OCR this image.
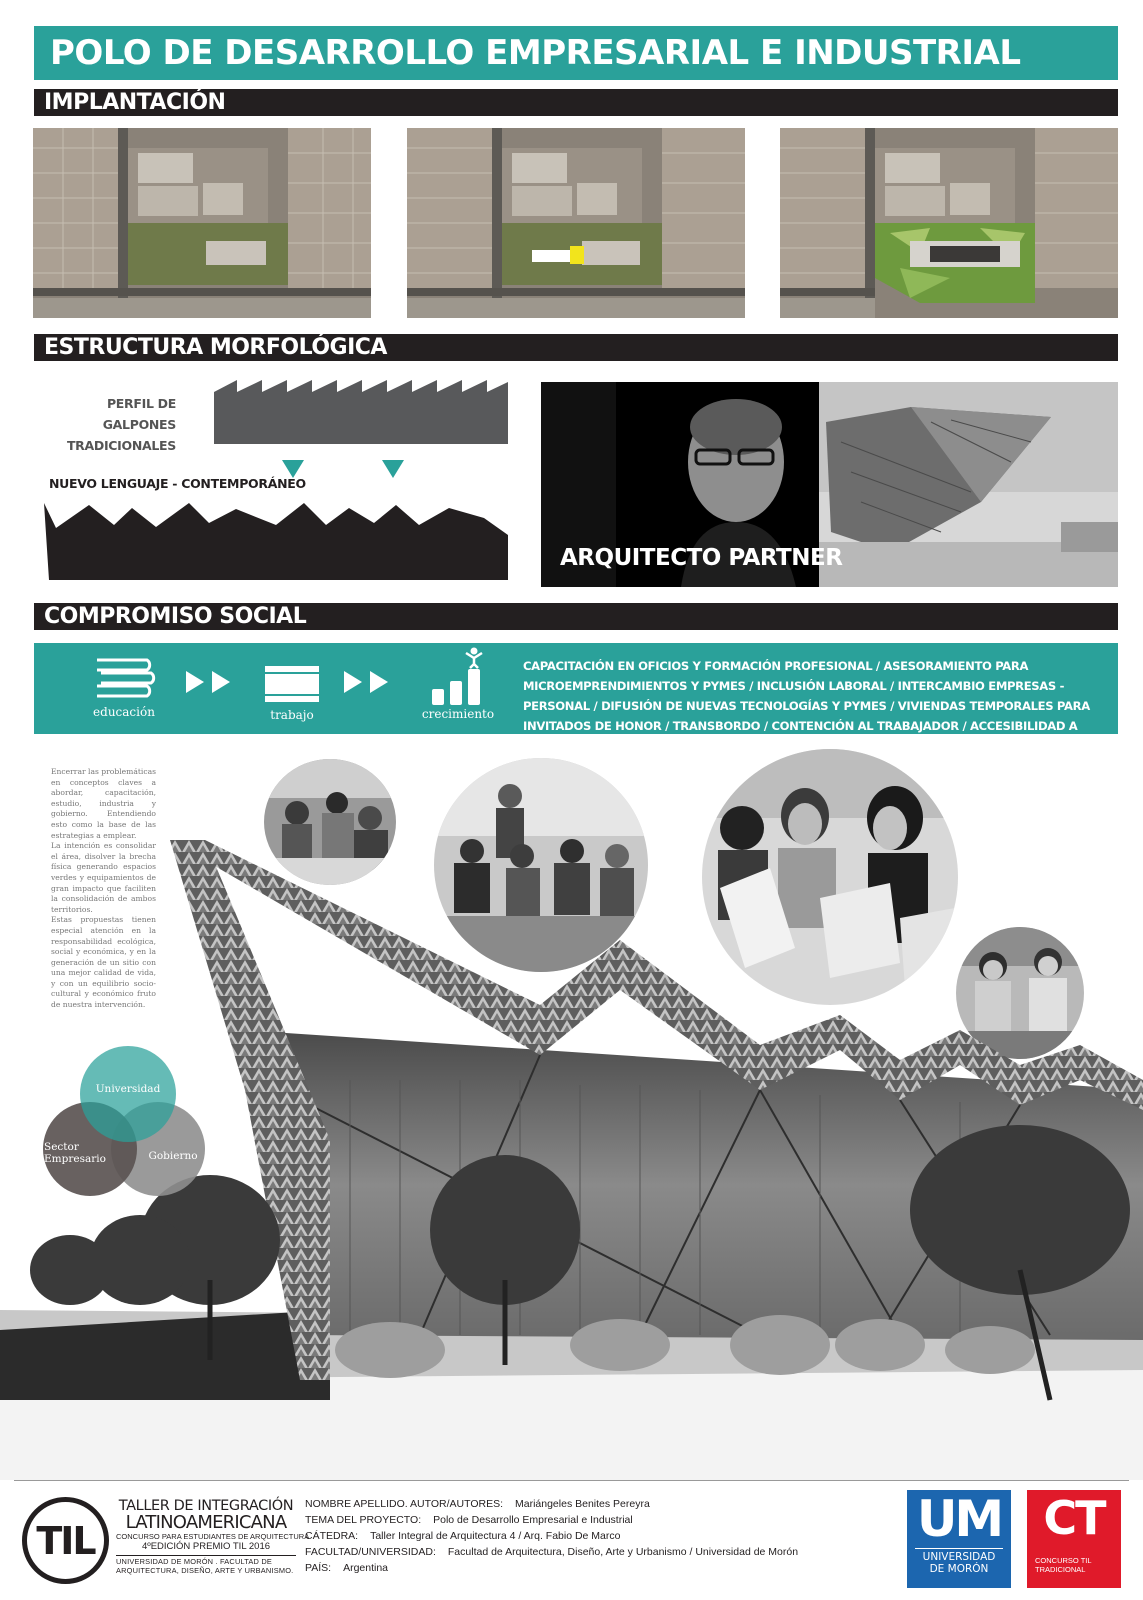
POLO DE DESARROLLO EMPRESARIAL E INDUSTRIAL
IMPLANTACIÓN
ESTRUCTURA MORFOLÓGICA
PERFIL DE GALPONES
TRADICIONALES
NUEVO LENGUAJE - CONTEMPORÁNEO
ARQUITECTO PARTNER
COMPROMISO SOCIAL
educación	trabajo	crecimiento
CAPACITACIÓN EN OFICIOS Y FORMACIÓN PROFESIONAL / ASESORAMIENTO PARA MICROEMPRENDIMIENTOS Y PYMES / INCLUSIÓN LABORAL / INTERCAMBIO EMPRESAS - PERSONAL / DIFUSIÓN DE NUEVAS TECNOLOGÍAS Y PYMES / VIVIENDAS TEMPORALES PARA INVITADOS DE HONOR / TRANSBORDO / CONTENCIÓN AL TRABAJADOR / ACCESIBILIDAD A EMPLEOS
Encerrar las problemáticas en conceptos claves a abordar, capacitación, estudio, industria y gobierno. Entendiendo esto como la base de las estrategias a emplear.
La intención es consolidar el área, disolver la brecha física generando espacios verdes y equipamientos de gran impacto que faciliten la consolidación de ambos territorios.
Estas propuestas tienen especial atención en la responsabilidad ecológica, social y económica, y en la generación de un sitio con una mejor calidad de vida, y con un equilibrio socio-cultural y económico fruto de nuestra intervención.
Universidad
Sector
Empresario	Gobierno
TIL
TALLER DE INTEGRACIÓN
LATINOAMERICANA
CONCURSO PARA ESTUDIANTES DE ARQUITECTURA
4ºEDICIÓN PREMIO TIL 2016
UNIVERSIDAD DE MORÓN . FACULTAD DE ARQUITECTURA, DISEÑO, ARTE Y URBANISMO.
NOMBRE APELLIDO. AUTOR/AUTORES: Mariángeles Benites Pereyra
TEMA DEL PROYECTO: Polo de Desarrollo Empresarial e Industrial
CÁTEDRA: Taller Integral de Arquitectura 4 / Arq. Fabio De Marco
FACULTAD/UNIVERSIDAD: Facultad de Arquitectura, Diseño, Arte y Urbanismo / Universidad de Morón
PAÍS: Argentina
UM
UNIVERSIDAD
DE MORÓN
CT
CONCURSO TIL
TRADICIONAL
